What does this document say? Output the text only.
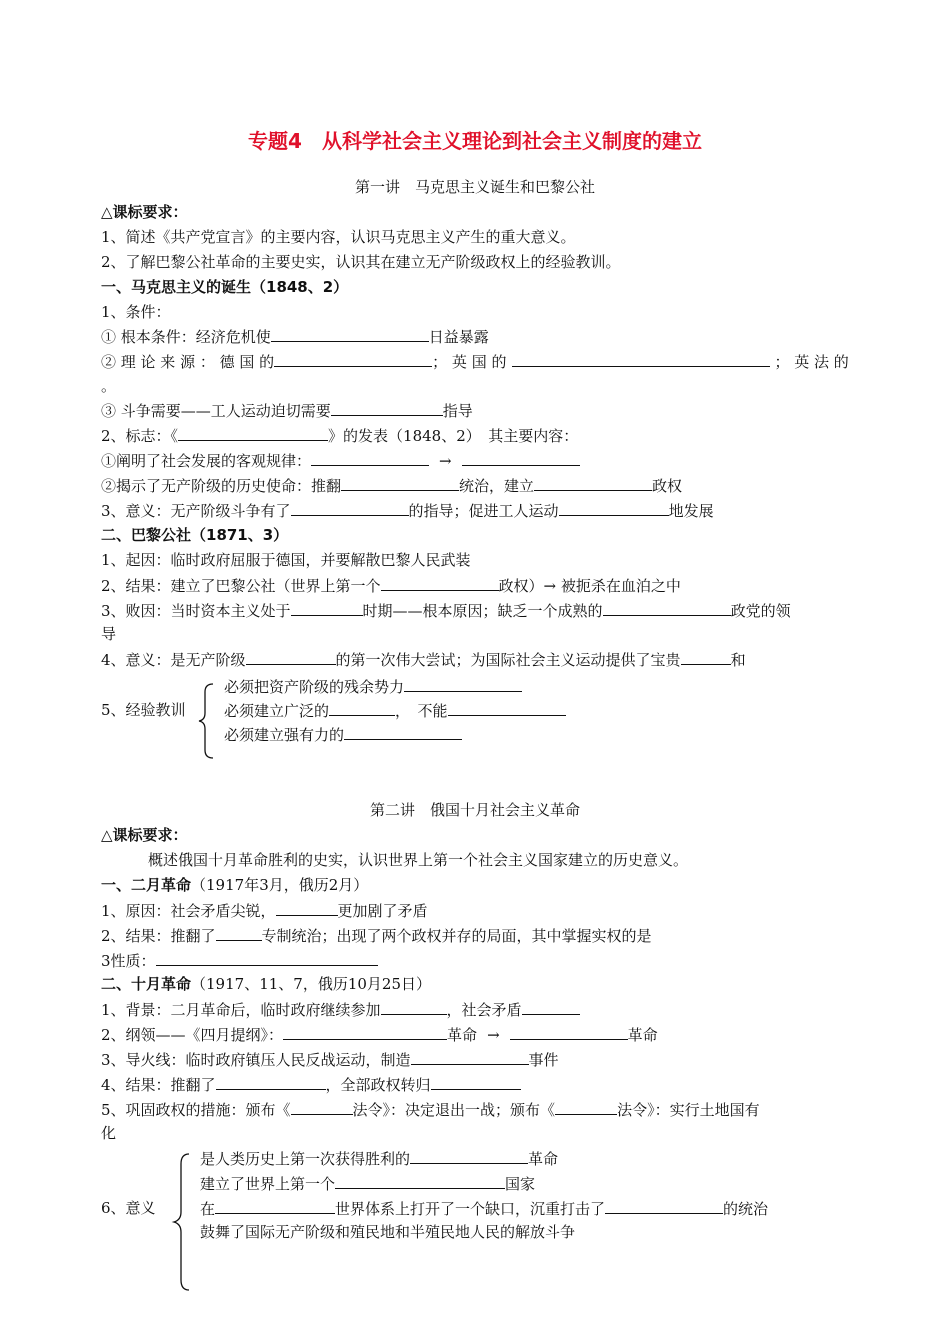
专题4　从科学社会主义理论到社会主义制度的建立
第一讲　马克思主义诞生和巴黎公社
△课标要求：
1、简述《共产党宣言》的主要内容，认识马克思主义产生的重大意义。
2、了解巴黎公社革命的主要史实，认识其在建立无产阶级政权上的经验教训。
一、马克思主义的诞生（1848、2）
1、条件：
① 根本条件：经济危机使	日益暴露
② 理 论 来 源 ： 德 国 的	； 英 国 的	； 英 法 的
。
③ 斗争需要——工人运动迫切需要	指导
2、标志：《	》的发表（1848、2）　其主要内容：
①阐明了社会发展的客观规律：	→
②揭示了无产阶级的历史使命：推翻	统治，建立	政权
3、意义：无产阶级斗争有了	的指导；促进工人运动	地发展
二、巴黎公社（1871、3）
1、起因：临时政府屈服于德国，并要解散巴黎人民武装
2、结果：建立了巴黎公社（世界上第一个	政权）→ 被扼杀在血泊之中
3、败因：当时资本主义处于	时期——根本原因；缺乏一个成熟的	政党的领
导
4、意义：是无产阶级	的第一次伟大尝试；为国际社会主义运动提供了宝贵	和
5、经验教训
必须把资产阶级的残余势力
必须建立广泛的	，　不能
必须建立强有力的
第二讲　俄国十月社会主义革命
△课标要求：
概述俄国十月革命胜利的史实，认识世界上第一个社会主义国家建立的历史意义。
一、二月革命（1917年3月，俄历2月）
1、原因：社会矛盾尖锐，	更加剧了矛盾
2、结果：推翻了	专制统治；出现了两个政权并存的局面，其中掌握实权的是
3性质：
二、十月革命（1917、11、7，俄历10月25日）
1、背景：二月革命后，临时政府继续参加	，社会矛盾
2、纲领——《四月提纲》：	革命 →	革命
3、导火线：临时政府镇压人民反战运动，制造	事件
4、结果：推翻了	，全部政权转归
5、巩固政权的措施：颁布《	法令》：决定退出一战；颁布《	法令》：实行土地国有
化
6、意义
是人类历史上第一次获得胜利的	革命
建立了世界上第一个	国家
在	世界体系上打开了一个缺口，沉重打击了	的统治
鼓舞了国际无产阶级和殖民地和半殖民地人民的解放斗争
